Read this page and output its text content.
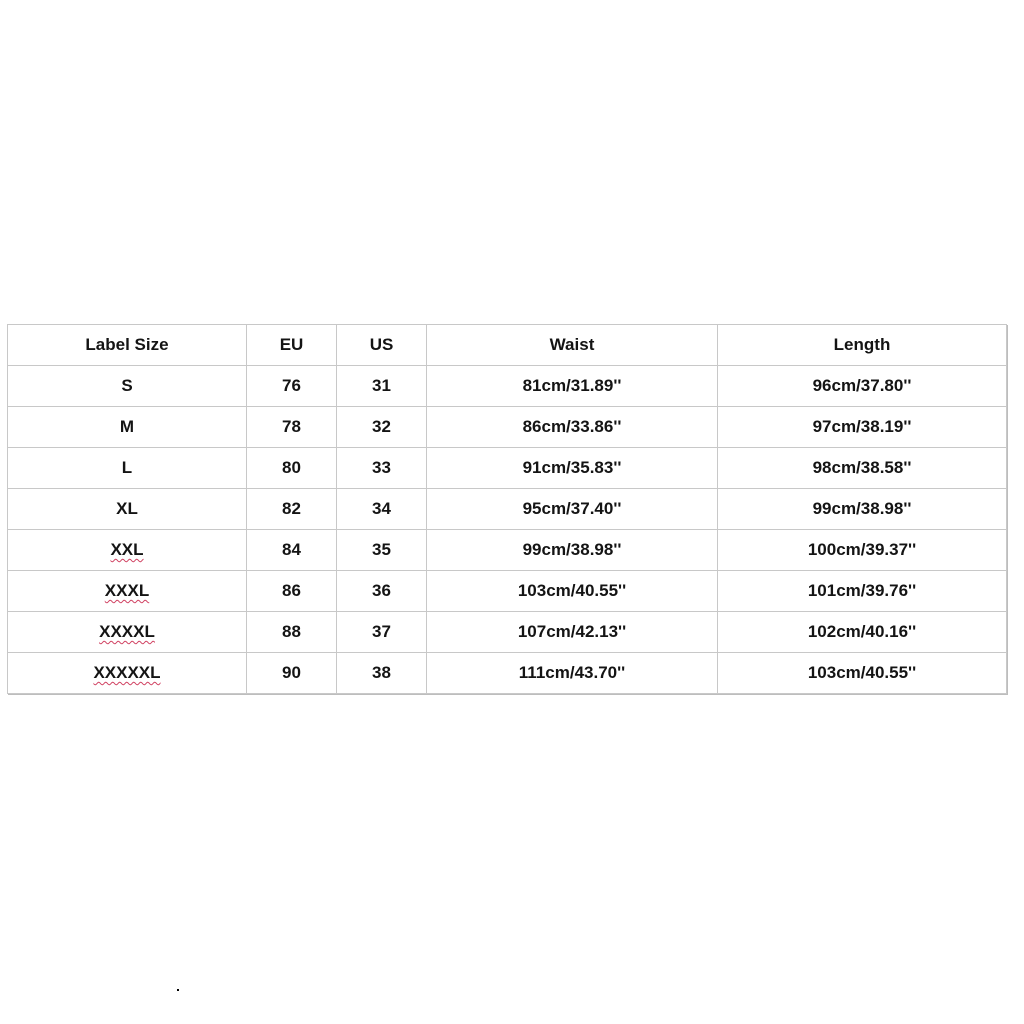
Label Size	EU	US	Waist	Length
S	76	31	81cm/31.89''	96cm/37.80''
M	78	32	86cm/33.86''	97cm/38.19''
L	80	33	91cm/35.83''	98cm/38.58''
XL	82	34	95cm/37.40''	99cm/38.98''
XXL	84	35	99cm/38.98''	100cm/39.37''
XXXL	86	36	103cm/40.55''	101cm/39.76''
XXXXL	88	37	107cm/42.13''	102cm/40.16''
XXXXXL	90	38	111cm/43.70''	103cm/40.55''
